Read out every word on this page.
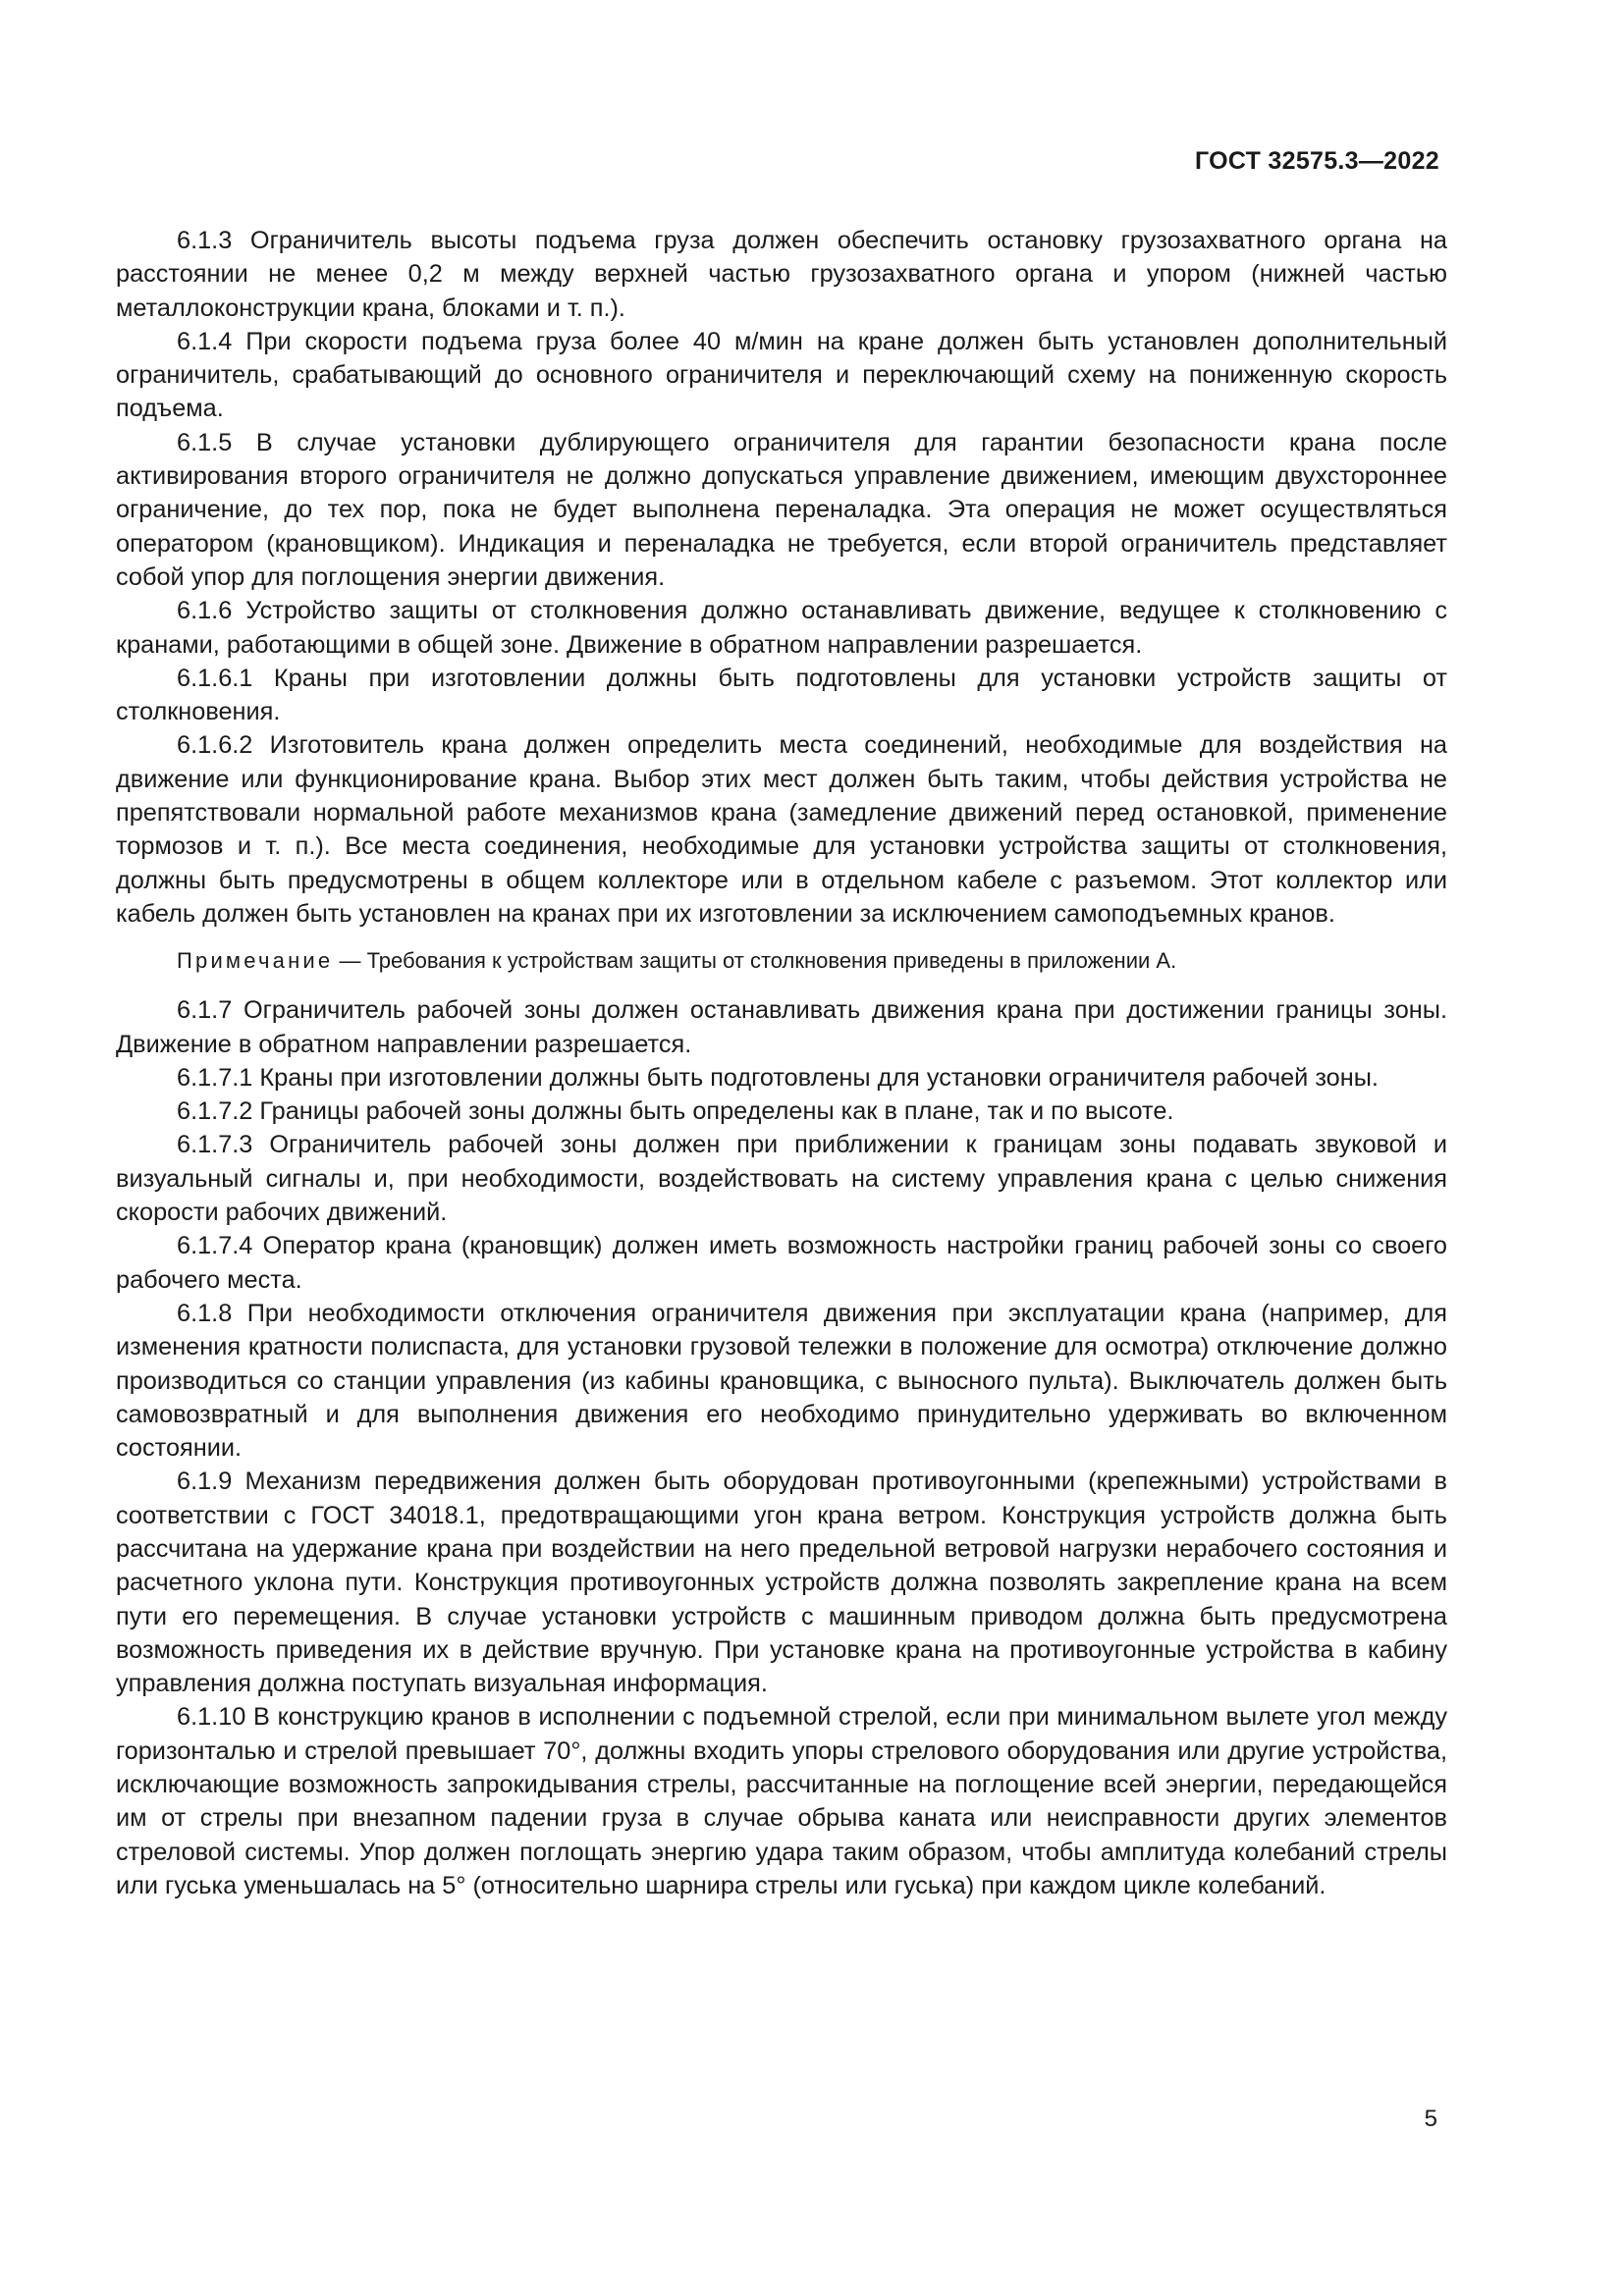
ГОСТ 32575.3—2022

6.1.3 Ограничитель высоты подъема груза должен обеспечить остановку грузозахватного органа на расстоянии не менее 0,2 м между верхней частью грузозахватного органа и упором (нижней частью металлоконструкции крана, блоками и т. п.).

6.1.4 При скорости подъема груза более 40 м/мин на кране должен быть установлен дополнительный ограничитель, срабатывающий до основного ограничителя и переключающий схему на пониженную скорость подъема.

6.1.5 В случае установки дублирующего ограничителя для гарантии безопасности крана после активирования второго ограничителя не должно допускаться управление движением, имеющим двухстороннее ограничение, до тех пор, пока не будет выполнена переналадка. Эта операция не может осуществляться оператором (крановщиком). Индикация и переналадка не требуется, если второй ограничитель представляет собой упор для поглощения энергии движения.

6.1.6 Устройство защиты от столкновения должно останавливать движение, ведущее к столкновению с кранами, работающими в общей зоне. Движение в обратном направлении разрешается.

6.1.6.1 Краны при изготовлении должны быть подготовлены для установки устройств защиты от столкновения.

6.1.6.2 Изготовитель крана должен определить места соединений, необходимые для воздействия на движение или функционирование крана. Выбор этих мест должен быть таким, чтобы действия устройства не препятствовали нормальной работе механизмов крана (замедление движений перед остановкой, применение тормозов и т. п.). Все места соединения, необходимые для установки устройства защиты от столкновения, должны быть предусмотрены в общем коллекторе или в отдельном кабеле с разъемом. Этот коллектор или кабель должен быть установлен на кранах при их изготовлении за исключением самоподъемных кранов.

Примечание — Требования к устройствам защиты от столкновения приведены в приложении А.

6.1.7 Ограничитель рабочей зоны должен останавливать движения крана при достижении границы зоны. Движение в обратном направлении разрешается.

6.1.7.1 Краны при изготовлении должны быть подготовлены для установки ограничителя рабочей зоны.

6.1.7.2 Границы рабочей зоны должны быть определены как в плане, так и по высоте.

6.1.7.3 Ограничитель рабочей зоны должен при приближении к границам зоны подавать звуковой и визуальный сигналы и, при необходимости, воздействовать на систему управления крана с целью снижения скорости рабочих движений.

6.1.7.4 Оператор крана (крановщик) должен иметь возможность настройки границ рабочей зоны со своего рабочего места.

6.1.8 При необходимости отключения ограничителя движения при эксплуатации крана (например, для изменения кратности полиспаста, для установки грузовой тележки в положение для осмотра) отключение должно производиться со станции управления (из кабины крановщика, с выносного пульта). Выключатель должен быть самовозвратный и для выполнения движения его необходимо принудительно удерживать во включенном состоянии.

6.1.9 Механизм передвижения должен быть оборудован противоугонными (крепежными) устройствами в соответствии с ГОСТ 34018.1, предотвращающими угон крана ветром. Конструкция устройств должна быть рассчитана на удержание крана при воздействии на него предельной ветровой нагрузки нерабочего состояния и расчетного уклона пути. Конструкция противоугонных устройств должна позволять закрепление крана на всем пути его перемещения. В случае установки устройств с машинным приводом должна быть предусмотрена возможность приведения их в действие вручную. При установке крана на противоугонные устройства в кабину управления должна поступать визуальная информация.

6.1.10 В конструкцию кранов в исполнении с подъемной стрелой, если при минимальном вылете угол между горизонталью и стрелой превышает 70°, должны входить упоры стрелового оборудования или другие устройства, исключающие возможность запрокидывания стрелы, рассчитанные на поглощение всей энергии, передающейся им от стрелы при внезапном падении груза в случае обрыва каната или неисправности других элементов стреловой системы. Упор должен поглощать энергию удара таким образом, чтобы амплитуда колебаний стрелы или гуська уменьшалась на 5° (относительно шарнира стрелы или гуська) при каждом цикле колебаний.

5
